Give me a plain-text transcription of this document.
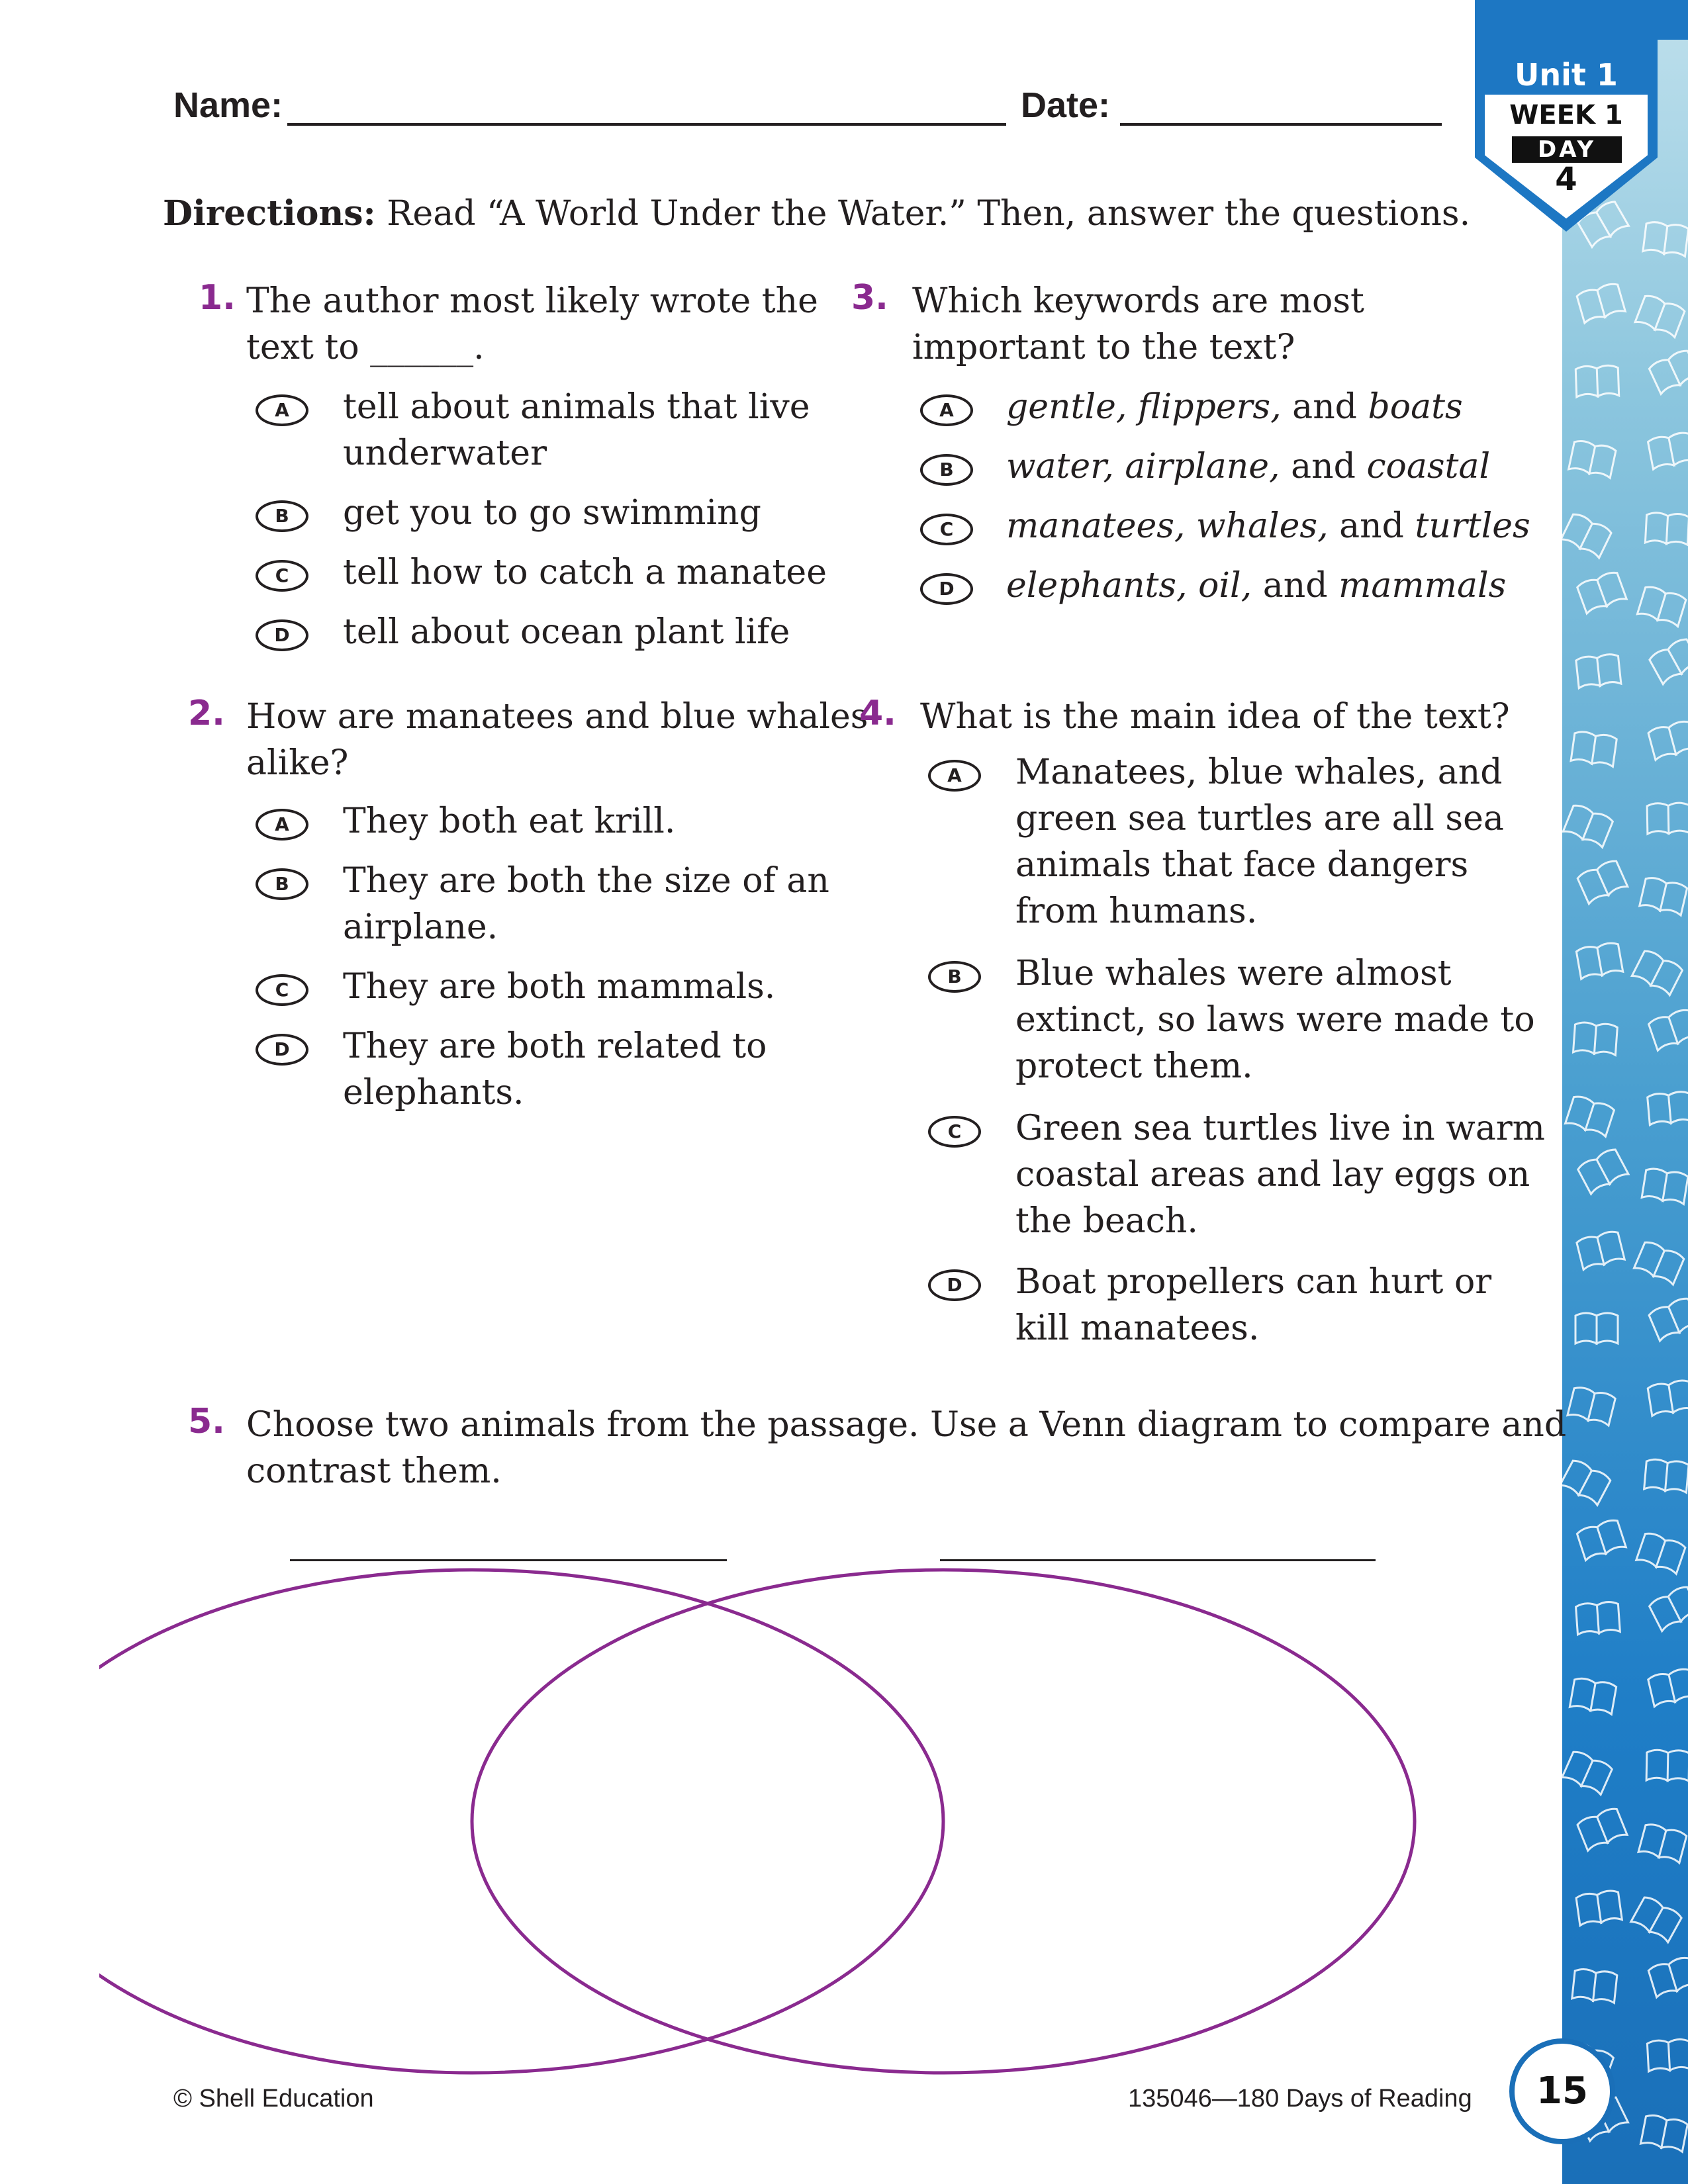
Unit 1
WEEK 1
DAY
4
Name:	Date:
Directions: Read “A World Under the Water.” Then, answer the questions.
1. The author most likely wrote the
text to ______.
A	tell about animals that live
underwater
B	get you to go swimming
C	tell how to catch a manatee
D	tell about ocean plant life
2. How are manatees and blue whales
alike?
A	They both eat krill.
B	They are both the size of an
airplane.
C	They are both mammals.
D	They are both related to
elephants.
3. Which keywords are most
important to the text?
A	gentle, flippers, and boats
B	water, airplane, and coastal
C	manatees, whales, and turtles
D	elephants, oil, and mammals
4. What is the main idea of the text?
A	Manatees, blue whales, and
green sea turtles are all sea
animals that face dangers
from humans.
B	Blue whales were almost
extinct, so laws were made to
protect them.
C	Green sea turtles live in warm
coastal areas and lay eggs on
the beach.
D	Boat propellers can hurt or
kill manatees.
5. Choose two animals from the passage. Use a Venn diagram to compare and
contrast them.
© Shell Education	135046—180 Days of Reading	15
